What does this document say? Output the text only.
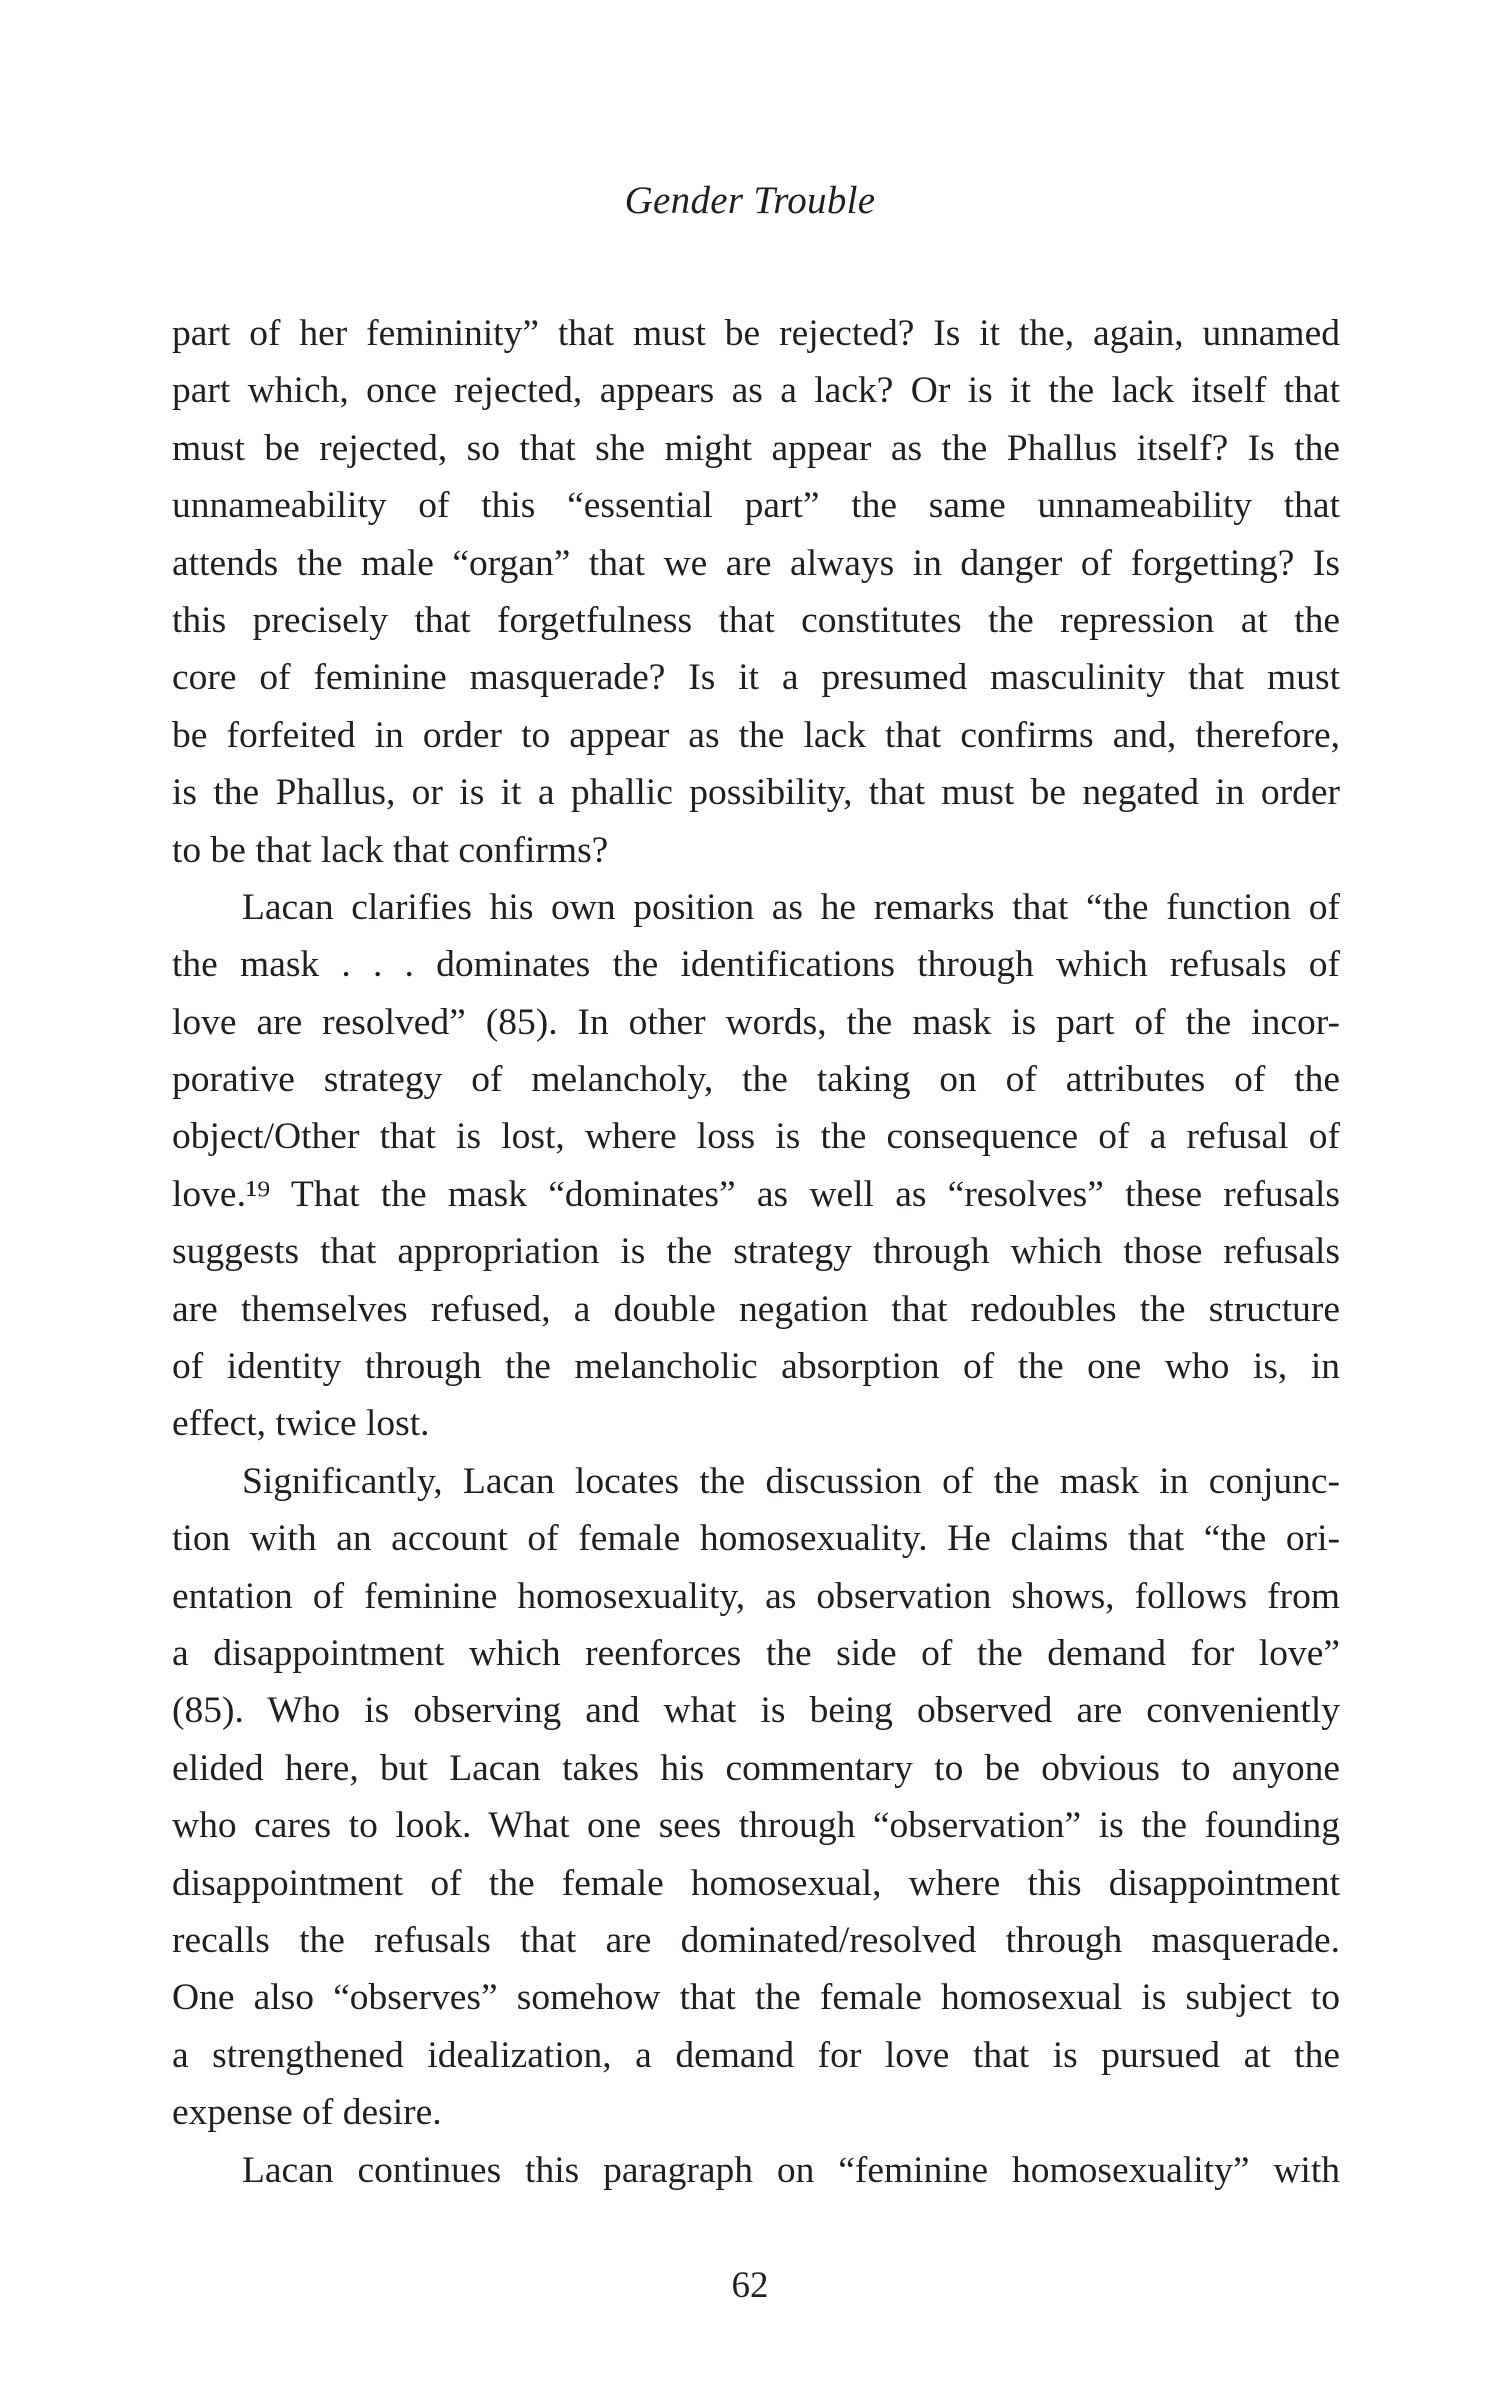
Gender Trouble
part of her femininity” that must be rejected? Is it the, again, unnamed
part which, once rejected, appears as a lack? Or is it the lack itself that
must be rejected, so that she might appear as the Phallus itself? Is the
unnameability of this “essential part” the same unnameability that
attends the male “organ” that we are always in danger of forgetting? Is
this precisely that forgetfulness that constitutes the repression at the
core of feminine masquerade? Is it a presumed masculinity that must
be forfeited in order to appear as the lack that confirms and, therefore,
is the Phallus, or is it a phallic possibility, that must be negated in order
to be that lack that confirms?
Lacan clarifies his own position as he remarks that “the function of
the mask . . . dominates the identifications through which refusals of
love are resolved” (85). In other words, the mask is part of the incor-
porative strategy of melancholy, the taking on of attributes of the
object/Other that is lost, where loss is the consequence of a refusal of
love.¹⁹ That the mask “dominates” as well as “resolves” these refusals
suggests that appropriation is the strategy through which those refusals
are themselves refused, a double negation that redoubles the structure
of identity through the melancholic absorption of the one who is, in
effect, twice lost.
Significantly, Lacan locates the discussion of the mask in conjunc-
tion with an account of female homosexuality. He claims that “the ori-
entation of feminine homosexuality, as observation shows, follows from
a disappointment which reenforces the side of the demand for love”
(85). Who is observing and what is being observed are conveniently
elided here, but Lacan takes his commentary to be obvious to anyone
who cares to look. What one sees through “observation” is the founding
disappointment of the female homosexual, where this disappointment
recalls the refusals that are dominated/resolved through masquerade.
One also “observes” somehow that the female homosexual is subject to
a strengthened idealization, a demand for love that is pursued at the
expense of desire.
Lacan continues this paragraph on “feminine homosexuality” with
62
